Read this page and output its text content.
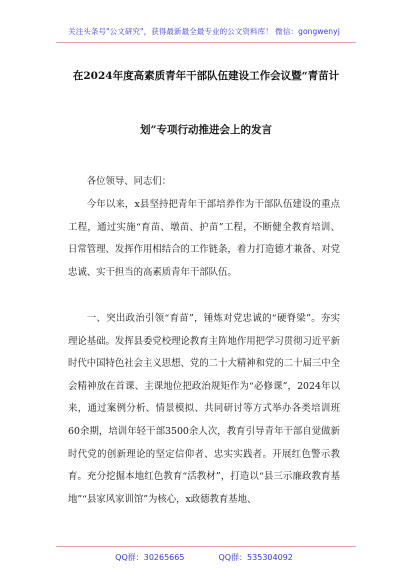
关注头条号"公文研究"，获得最新最全最专业的公文资料库！ 微信：gongwenyj
在2024年度高素质青年干部队伍建设工作会议暨“青苗计
划”专项行动推进会上的发言

各位领导、同志们：

今年以来，x县坚持把青年干部培养作为干部队伍建设的重点工程，通过实施“育苗、墩苗、护苗”工程，不断健全教育培训、日常管理、发挥作用相结合的工作链条，着力打造德才兼备、对党忠诚、实干担当的高素质青年干部队伍。

一、突出政治引领“育苗”，锤炼对党忠诚的“硬脊梁”。夯实理论基础。发挥县委党校理论教育主阵地作用把学习贯彻习近平新时代中国特色社会主义思想、党的二十大精神和党的二十届三中全会精神放在首课、主课地位把政治规矩作为“必修课”，2024年以来，通过案例分析、情景模拟、共同研讨等方式举办各类培训班60余期，培训年轻干部3500余人次，教育引导青年干部自觉做新时代党的创新理论的坚定信仰者、忠实实践者。开展红色警示教育。充分挖掘本地红色教育“活教材”，打造以“县三示廉政教育基地”“县家风家训馆”为核心，x政德教育基地、

QQ群：30265665	QQ群：535304092
